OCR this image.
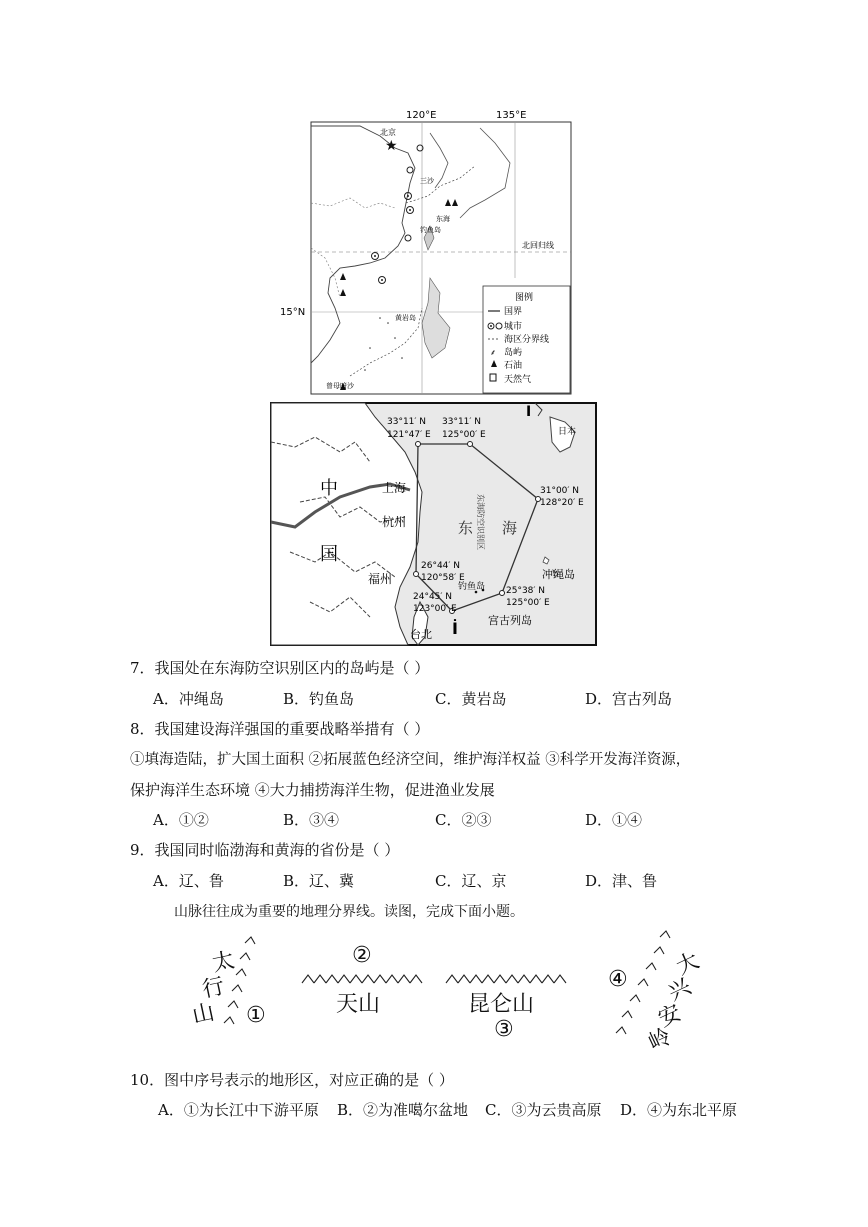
★
120°E	135°E
15°N
北京
北回归线
黄岩岛
曾母暗沙
钓鱼岛
东海
三沙
图例
国界
城市
海区分界线
⸙ 岛屿
石油
天然气
I
İ
33°11′ N
121°47′ E
33°11′ N
125°00′ E
31°00′ N
128°20′ E
26°44′ N
120°58′ E
24°45′ N
123°00′ E
25°38′ N
125°00′ E
中
国
上海
杭州
福州
台北
东 海
东海防空识别区
钓鱼岛
冲绳岛
宫古列岛
日本
7．我国处在东海防空识别区内的岛屿是（ ）
A．冲绳岛	B．钓鱼岛	C．黄岩岛	D．宫古列岛
8．我国建设海洋强国的重要战略举措有（ ）
①填海造陆，扩大国土面积 ②拓展蓝色经济空间，维护海洋权益 ③科学开发海洋资源，
保护海洋生态环境 ④大力捕捞海洋生物，促进渔业发展
A．①②	B．③④	C．②③	D．①④
9．我国同时临渤海和黄海的省份是（ ）
A．辽、鲁	B．辽、冀	C．辽、京	D．津、鲁
山脉往往成为重要的地理分界线。读图，完成下面小题。
太
行
山 ①
②
天山	昆仑山
③
④ 大
兴
安
岭
10．图中序号表示的地形区，对应正确的是（ ）
A．①为长江中下游平原 B．②为准噶尔盆地 C．③为云贵高原 D．④为东北平原
